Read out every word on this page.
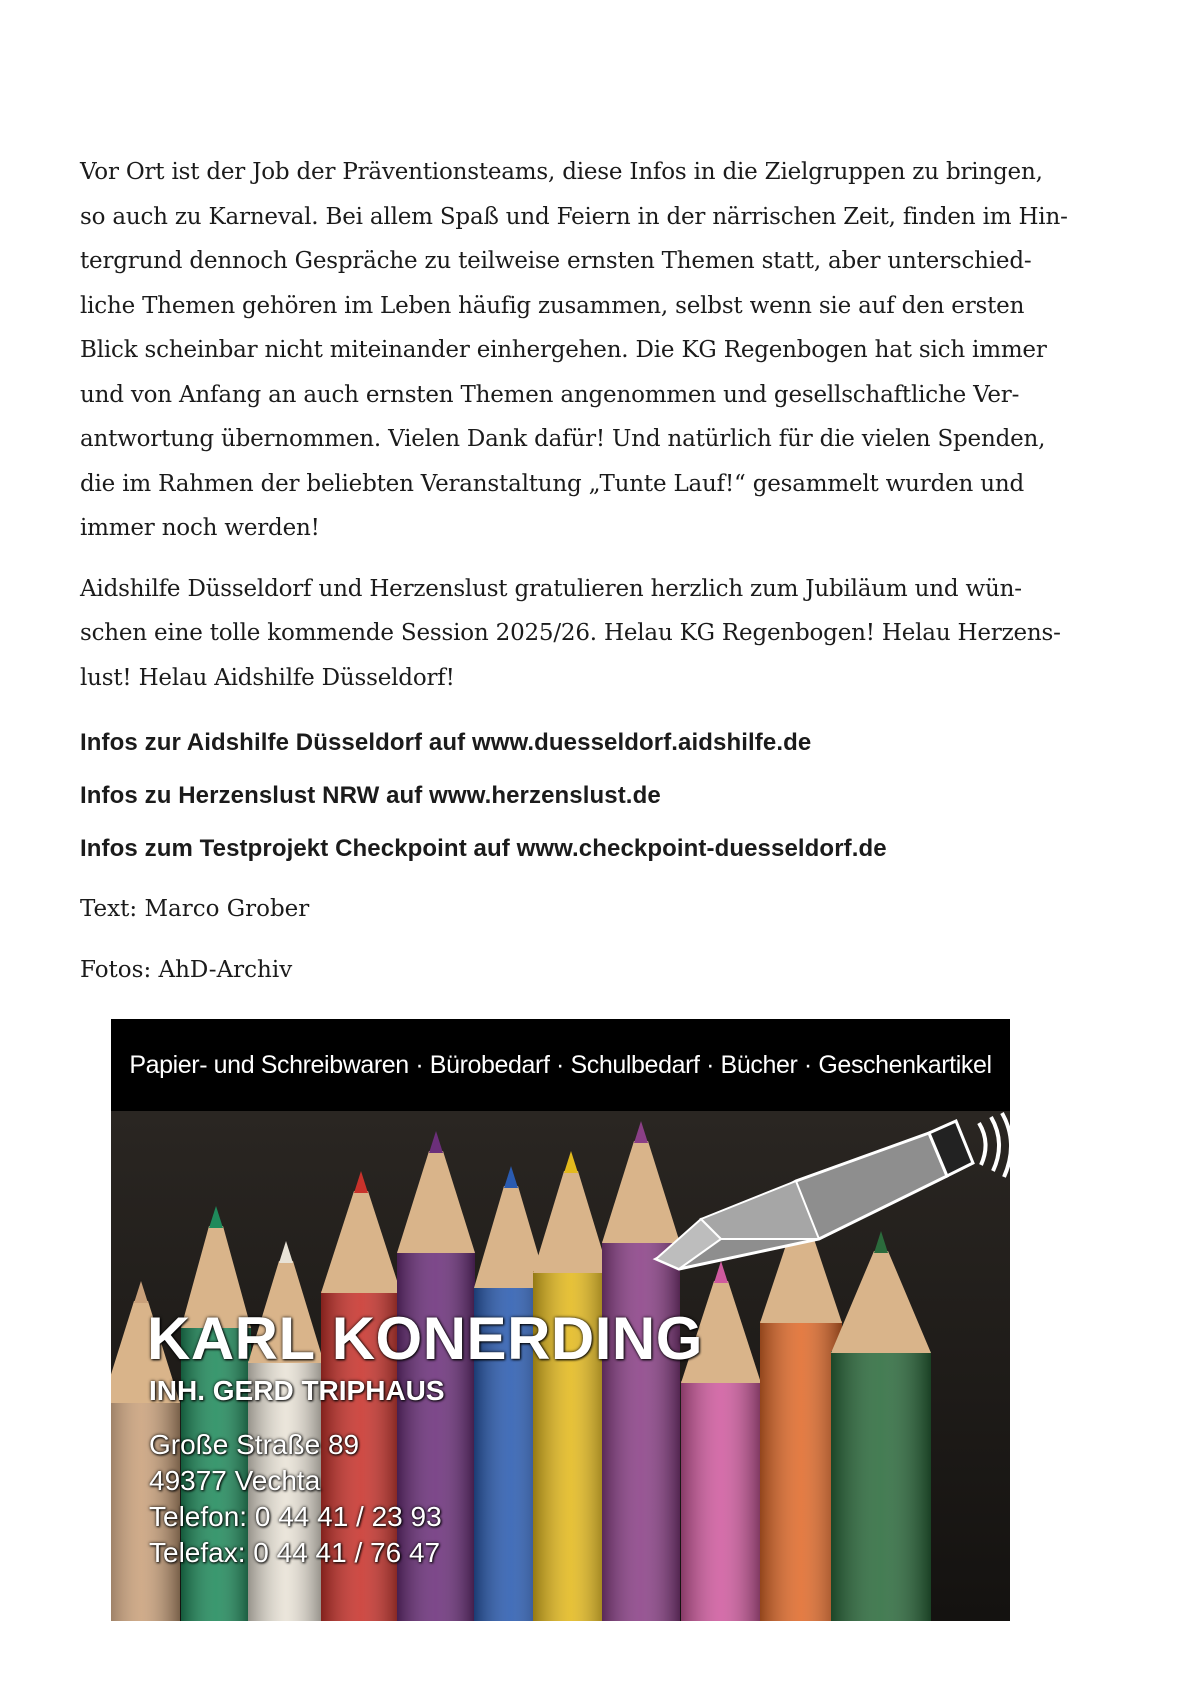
Vor Ort ist der Job der Präventionsteams, diese Infos in die Zielgruppen zu bringen,
so auch zu Karneval. Bei allem Spaß und Feiern in der närrischen Zeit, finden im Hin-
tergrund dennoch Gespräche zu teilweise ernsten Themen statt, aber unterschied-
liche Themen gehören im Leben häufig zusammen, selbst wenn sie auf den ersten
Blick scheinbar nicht miteinander einhergehen. Die KG Regenbogen hat sich immer
und von Anfang an auch ernsten Themen angenommen und gesellschaftliche Ver-
antwortung übernommen. Vielen Dank dafür! Und natürlich für die vielen Spenden,
die im Rahmen der beliebten Veranstaltung „Tunte Lauf!“ gesammelt wurden und
immer noch werden!

Aidshilfe Düsseldorf und Herzenslust gratulieren herzlich zum Jubiläum und wün-
schen eine tolle kommende Session 2025/26. Helau KG Regenbogen! Helau Herzens-
lust! Helau Aidshilfe Düsseldorf!

Infos zur Aidshilfe Düsseldorf auf www.duesseldorf.aidshilfe.de

Infos zu Herzenslust NRW auf www.herzenslust.de

Infos zum Testprojekt Checkpoint auf www.checkpoint-duesseldorf.de

Text: Marco Grober

Fotos: AhD-Archiv

Papier- und Schreibwaren · Bürobedarf · Schulbedarf · Bücher · Geschenkartikel

KARL KONERDING

INH. GERD TRIPHAUS

Große Straße 89

49377 Vechta

Telefon: 0 44 41 / 23 93

Telefax: 0 44 41 / 76 47
